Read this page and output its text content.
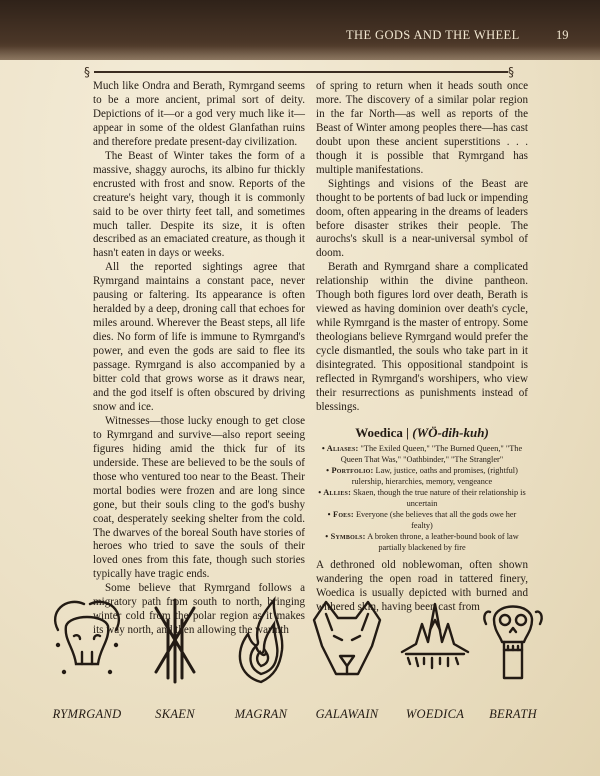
THE GODS AND THE WHEEL	19
§	§

Much like Ondra and Berath, Rymrgand seems to be a more ancient, primal sort of deity. Depictions of it—or a god very much like it—appear in some of the oldest Glanfathan ruins and therefore predate present-day civilization.

The Beast of Winter takes the form of a massive, shaggy aurochs, its albino fur thickly encrusted with frost and snow. Reports of the creature's height vary, though it is commonly said to be over thirty feet tall, and sometimes much taller. Despite its size, it is often described as an emaciated creature, as though it hasn't eaten in days or weeks.

All the reported sightings agree that Rymrgand maintains a constant pace, never pausing or faltering. Its appearance is often heralded by a deep, droning call that echoes for miles around. Wherever the Beast steps, all life dies. No form of life is immune to Rymrgand's power, and even the gods are said to flee its passage. Rymrgand is also accompanied by a bitter cold that grows worse as it draws near, and the god itself is often obscured by driving snow and ice.

Witnesses—those lucky enough to get close to Rymrgand and survive—also report seeing figures hiding amid the thick fur of its underside. These are believed to be the souls of those who ventured too near to the Beast. Their mortal bodies were frozen and are long since gone, but their souls cling to the god's bushy coat, desperately seeking shelter from the cold. The dwarves of the boreal South have stories of heroes who tried to save the souls of their loved ones from this fate, though such stories typically have tragic ends.

Some believe that Rymrgand follows a migratory path from south to north, bringing winter cold from the polar region as it makes its way north, and then allowing the warmth

of spring to return when it heads south once more. The discovery of a similar polar region in the far North—as well as reports of the Beast of Winter among peoples there—has cast doubt upon these ancient superstitions . . . though it is possible that Rymrgand has multiple manifestations.

Sightings and visions of the Beast are thought to be portents of bad luck or impending doom, often appearing in the dreams of leaders before disaster strikes their people. The aurochs's skull is a near-universal symbol of doom.

Berath and Rymrgand share a complicated relationship within the divine pantheon. Though both figures lord over death, Berath is viewed as having dominion over death's cycle, while Rymrgand is the master of entropy. Some theologians believe Rymrgand would prefer the cycle dismantled, the souls who take part in it disintegrated. This oppositional standpoint is reflected in Rymrgand's worshipers, who view their resurrections as punishments instead of blessings.

Woedica | (WÖ-dih-kuh)
• Aliases: "The Exiled Queen," "The Burned Queen," "The Queen That Was," "Oathbinder," "The Strangler"
• Portfolio: Law, justice, oaths and promises, (rightful) rulership, hierarchies, memory, vengeance
• Allies: Skaen, though the true nature of their relationship is uncertain
• Foes: Everyone (she believes that all the gods owe her fealty)
• Symbols: A broken throne, a leather-bound book of law partially blackened by fire

A dethroned old noblewoman, often shown wandering the open road in tattered finery, Woedica is usually depicted with burned and withered skin, having been cast from

RYMRGAND	SKAEN	MAGRAN	GALAWAIN	WOEDICA	BERATH
